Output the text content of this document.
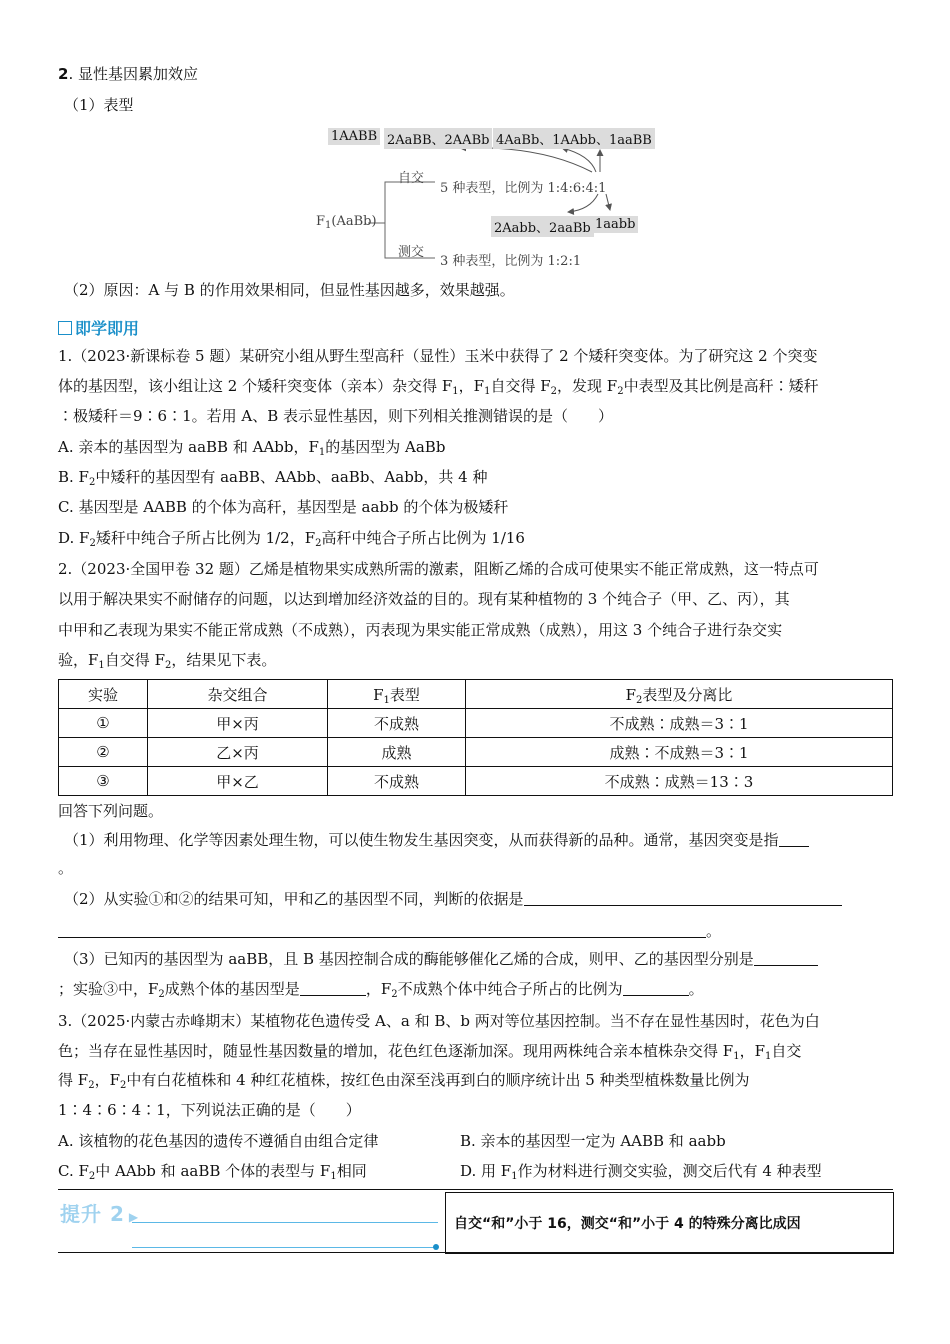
2. 显性基因累加效应
（1）表型
1AABB 2AaBB、2AABb 4AaBb、1AAbb、1aaBB
自交
5 种表型，比例为 1:4:6:4:1
$F_1(AaBb)$	2Aabb、2aaBb 1aabb
测交
3 种表型，比例为 1:2:1
（2）原因：A 与 B 的作用效果相同，但显性基因越多，效果越强。
即学即用
1.（2023·新课标卷 5 题）某研究小组从野生型高秆（显性）玉米中获得了 2 个矮秆突变体。为了研究这 2 个突变
体的基因型，该小组让这 2 个矮秆突变体（亲本）杂交得 $F_1$，$F_1$自交得 $F_2$，发现 $F_2$中表型及其比例是高秆∶矮秆
∶极矮秆＝9∶6∶1。若用 A、B 表示显性基因，则下列相关推测错误的是（　　）
A. 亲本的基因型为 aaBB 和 AAbb，$F_1$的基因型为 AaBb
B. $F_2$中矮秆的基因型有 aaBB、AAbb、aaBb、Aabb，共 4 种
C. 基因型是 AABB 的个体为高秆，基因型是 aabb 的个体为极矮秆
D. $F_2$矮秆中纯合子所占比例为 1/2，$F_2$高秆中纯合子所占比例为 1/16
2.（2023·全国甲卷 32 题）乙烯是植物果实成熟所需的激素，阻断乙烯的合成可使果实不能正常成熟，这一特点可
以用于解决果实不耐储存的问题，以达到增加经济效益的目的。现有某种植物的 3 个纯合子（甲、乙、丙），其
中甲和乙表现为果实不能正常成熟（不成熟），丙表现为果实能正常成熟（成熟），用这 3 个纯合子进行杂交实
验，$F_1$自交得 $F_2$，结果见下表。
实验	杂交组合	$F_1$表型	$F_2$表型及分离比
①	甲×丙	不成熟	不成熟∶成熟＝3∶1
②	乙×丙	成熟	成熟∶不成熟＝3∶1
③	甲×乙	不成熟	不成熟∶成熟＝13∶3
回答下列问题。
（1）利用物理、化学等因素处理生物，可以使生物发生基因突变，从而获得新的品种。通常，基因突变是指
。
（2）从实验①和②的结果可知，甲和乙的基因型不同，判断的依据是
。
（3）已知丙的基因型为 aaBB，且 B 基因控制合成的酶能够催化乙烯的合成，则甲、乙的基因型分别是
；实验③中，$F_2$成熟个体的基因型是	，$F_2$不成熟个体中纯合子所占的比例为	。
3.（2025·内蒙古赤峰期末）某植物花色遗传受 A、a 和 B、b 两对等位基因控制。当不存在显性基因时，花色为白
色；当存在显性基因时，随显性基因数量的增加，花色红色逐渐加深。现用两株纯合亲本植株杂交得 $F_1$，$F_1$自交
得 $F_2$，$F_2$中有白花植株和 4 种红花植株，按红色由深至浅再到白的顺序统计出 5 种类型植株数量比例为
1∶4∶6∶4∶1，下列说法正确的是（　　）
A. 该植物的花色基因的遗传不遵循自由组合定律	B. 亲本的基因型一定为 AABB 和 aabb
C. $F_2$中 AAbb 和 aaBB 个体的表型与 $F_1$相同	D. 用 $F_1$作为材料进行测交实验，测交后代有 4 种表型
提升 2 ▶	自交“和”小于 16，测交“和”小于 4 的特殊分离比成因
